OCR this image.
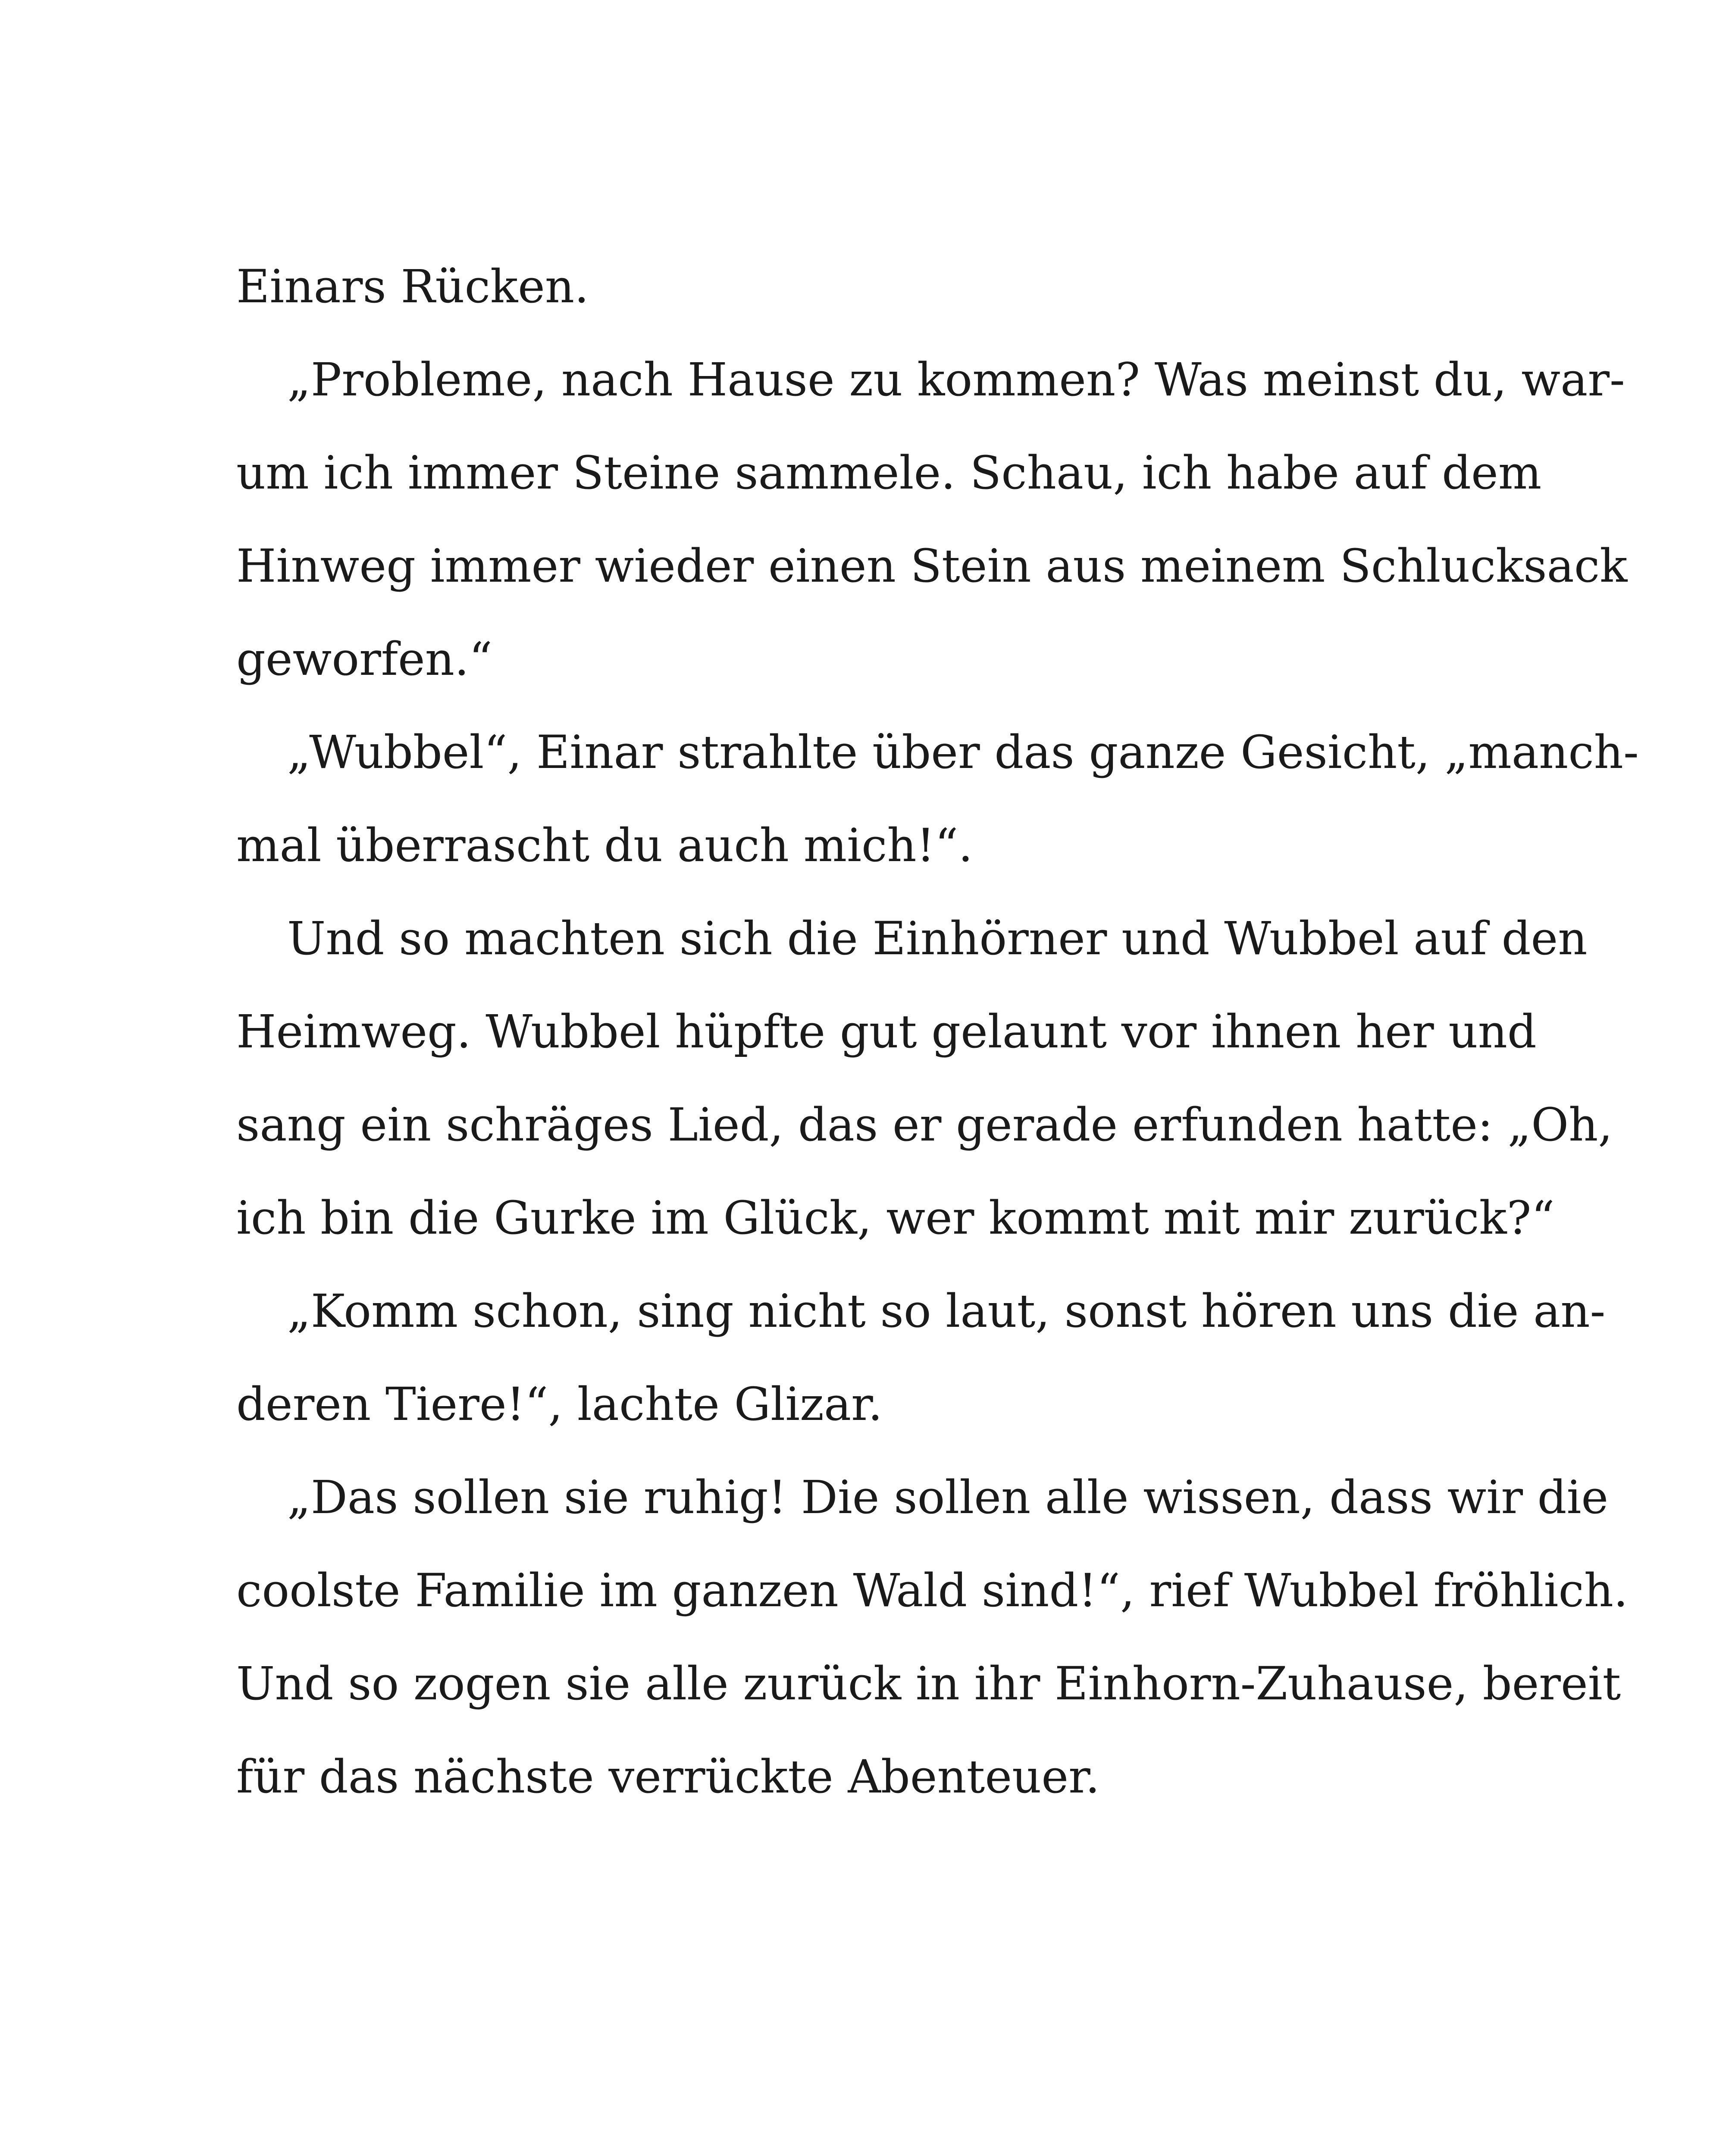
Einars Rücken.
„Probleme, nach Hause zu kommen? Was meinst du, war-
um ich immer Steine sammele. Schau, ich habe auf dem
Hinweg immer wieder einen Stein aus meinem Schlucksack
geworfen.“
„Wubbel“, Einar strahlte über das ganze Gesicht, „manch-
mal überrascht du auch mich!“.
Und so machten sich die Einhörner und Wubbel auf den
Heimweg. Wubbel hüpfte gut gelaunt vor ihnen her und
sang ein schräges Lied, das er gerade erfunden hatte: „Oh,
ich bin die Gurke im Glück, wer kommt mit mir zurück?“
„Komm schon, sing nicht so laut, sonst hören uns die an-
deren Tiere!“, lachte Glizar.
„Das sollen sie ruhig! Die sollen alle wissen, dass wir die
coolste Familie im ganzen Wald sind!“, rief Wubbel fröhlich.
Und so zogen sie alle zurück in ihr Einhorn-Zuhause, bereit
für das nächste verrückte Abenteuer.
